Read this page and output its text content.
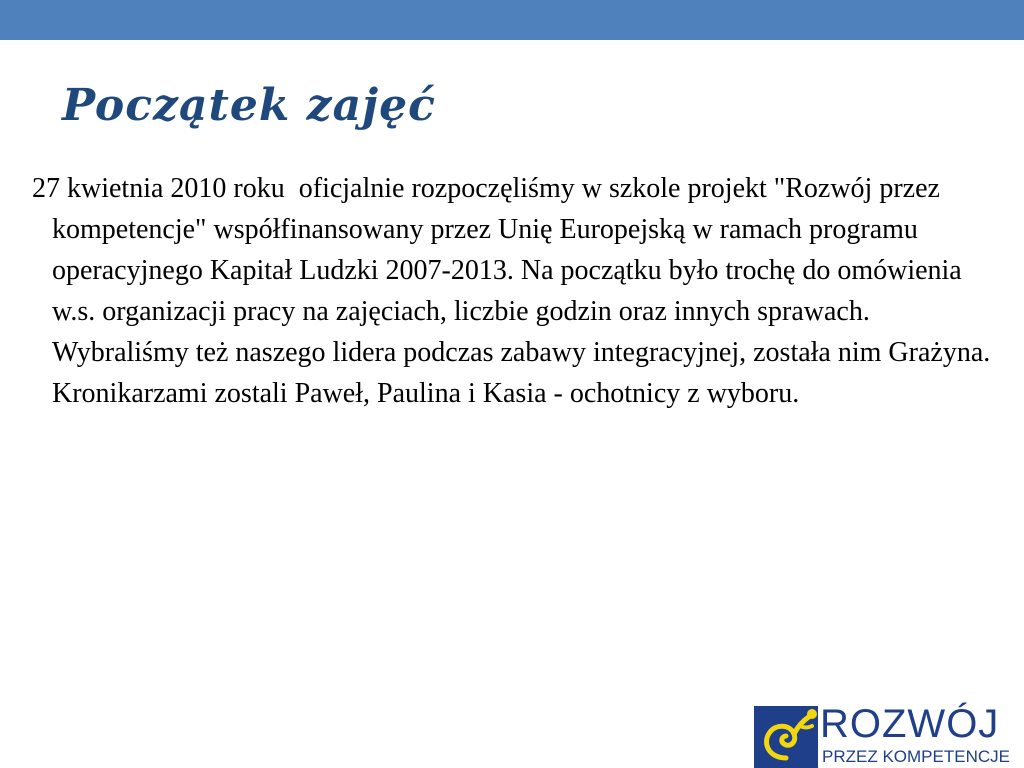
Początek zajęć

27 kwietnia 2010 roku  oficjalnie rozpoczęliśmy w szkole projekt "Rozwój przez kompetencje" współfinansowany przez Unię Europejską w ramach programu operacyjnego Kapitał Ludzki 2007-2013. Na początku było trochę do omówienia w.s. organizacji pracy na zajęciach, liczbie godzin oraz innych sprawach. Wybraliśmy też naszego lidera podczas zabawy integracyjnej, została nim Grażyna. Kronikarzami zostali Paweł, Paulina i Kasia - ochotnicy z wyboru.

ROZWÓJ
PRZEZ KOMPETENCJE
